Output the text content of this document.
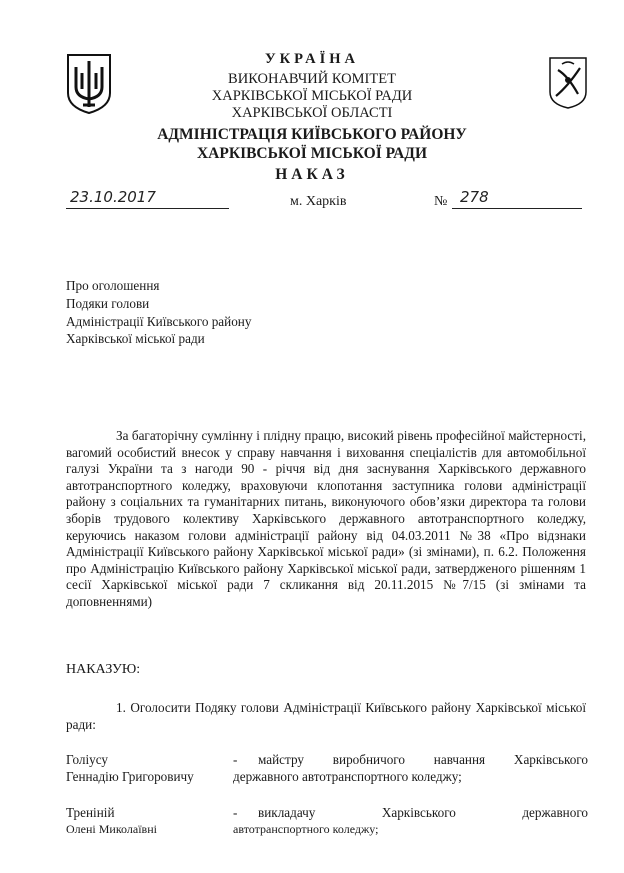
УКРАЇНА
ВИКОНАВЧИЙ КОМІТЕТ
ХАРКІВСЬКОЇ МІСЬКОЇ РАДИ
ХАРКІВСЬКОЇ ОБЛАСТІ
АДМІНІСТРАЦІЯ КИЇВСЬКОГО РАЙОНУ
ХАРКІВСЬКОЇ МІСЬКОЇ РАДИ
НАКАЗ
23.10.2017	м. Харків	№ 278
Про оголошення
Подяки голови
Адміністрації Київського району
Харківської міської ради
За багаторічну сумлінну і плідну працю, високий рівень професійної майстерності, вагомий особистий внесок у справу навчання і виховання спеціалістів для автомобільної галузі України та з нагоди 90 - річчя від дня заснування Харківського державного автотранспортного коледжу, враховуючи клопотання заступника голови адміністрації району з соціальних та гуманітарних питань, виконуючого обов’язки директора та голови зборів трудового колективу Харківського державного автотранспортного коледжу, керуючись наказом голови адміністрації району від 04.03.2011 №38 «Про відзнаки Адміністрації Київського району Харківської міської ради» (зі змінами), п. 6.2. Положення про Адміністрацію Київського району Харківської міської ради, затвердженого рішенням 1 сесії Харківської міської ради 7 скликання від 20.11.2015 №7/15 (зі змінами та доповненнями)
НАКАЗУЮ:
1. Оголосити Подяку голови Адміністрації Київського району Харківської міської ради:
Голіусу
Геннадію Григоровичу
- майстру виробничого навчання Харківського
державного автотранспортного коледжу;
Треніній
Олені Миколаївні
- викладачу Харківського державного
автотранспортного коледжу;
